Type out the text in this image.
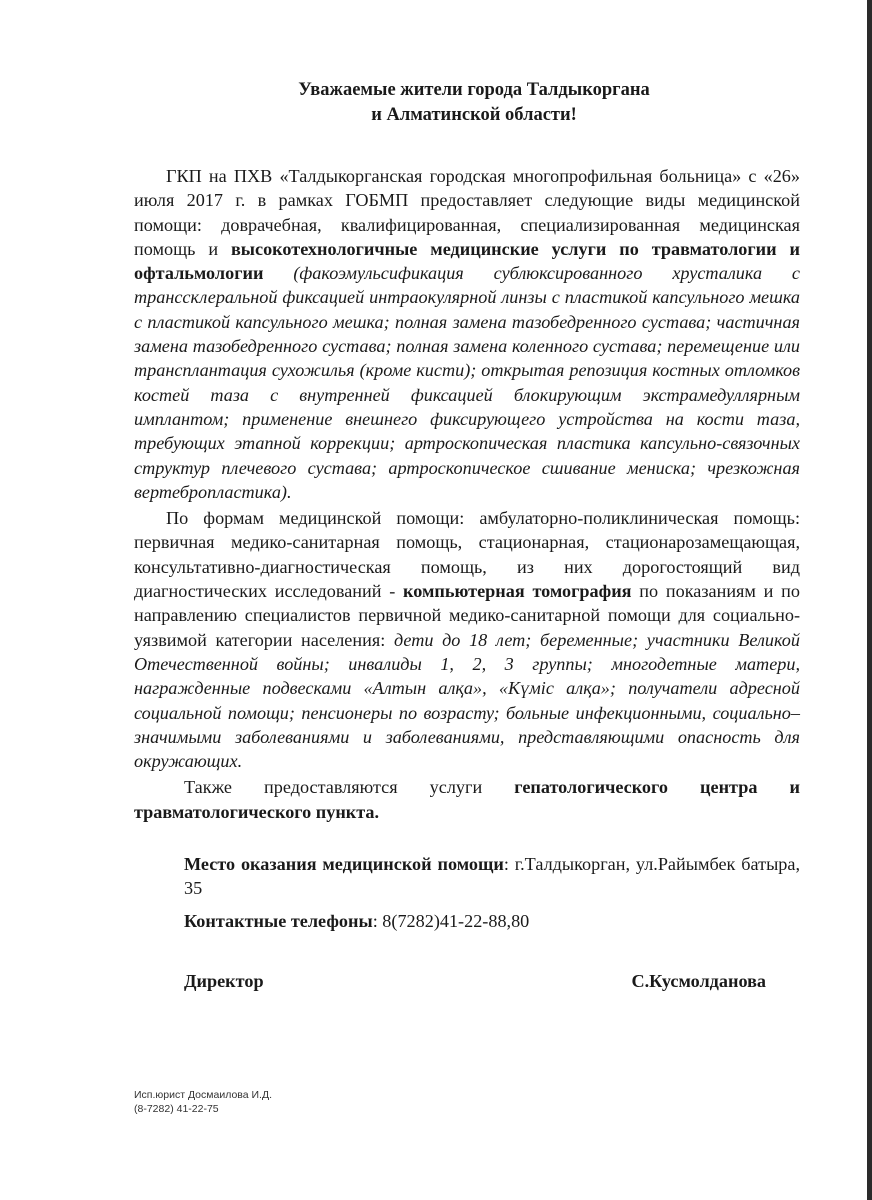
Уважаемые жители города Талдыкоргана
и Алматинской области!

ГКП на ПХВ «Талдыкорганская городская многопрофильная больница» с «26» июля 2017 г. в рамках ГОБМП предоставляет следующие виды медицинской помощи: доврачебная, квалифицированная, специализированная медицинская помощь и высокотехнологичные медицинские услуги по травматологии и офтальмологии (факоэмульсификация сублюксированного хрусталика с транссклеральной фиксацией интраокулярной линзы с пластикой капсульного мешка с пластикой капсульного мешка; полная замена тазобедренного сустава; частичная замена тазобедренного сустава; полная замена коленного сустава; перемещение или трансплантация сухожилья (кроме кисти); открытая репозиция костных отломков костей таза с внутренней фиксацией блокирующим экстрамедуллярным имплантом; применение внешнего фиксирующего устройства на кости таза, требующих этапной коррекции; артроскопическая пластика капсульно-связочных структур плечевого сустава; артроскопическое сшивание мениска; чрезкожная вертебропластика).

По формам медицинской помощи: амбулаторно-поликлиническая помощь: первичная медико-санитарная помощь, стационарная, стационарозамещающая, консультативно-диагностическая помощь, из них дорогостоящий вид диагностических исследований - компьютерная томография по показаниям и по направлению специалистов первичной медико-санитарной помощи для социально-уязвимой категории населения: дети до 18 лет; беременные; участники Великой Отечественной войны; инвалиды 1, 2, 3 группы; многодетные матери, награжденные подвесками «Алтын алқа», «Күміс алқа»; получатели адресной социальной помощи; пенсионеры по возрасту; больные инфекционными, социально–значимыми заболеваниями и заболеваниями, представляющими опасность для окружающих.

Также предоставляются услуги гепатологического центра и травматологического пункта.

Место оказания медицинской помощи: г.Талдыкорган, ул.Райымбек батыра, 35

Контактные телефоны: 8(7282)41-22-88,80

Директор	С.Кусмолданова
Исп.юрист Досмаилова И.Д.
(8-7282) 41-22-75
